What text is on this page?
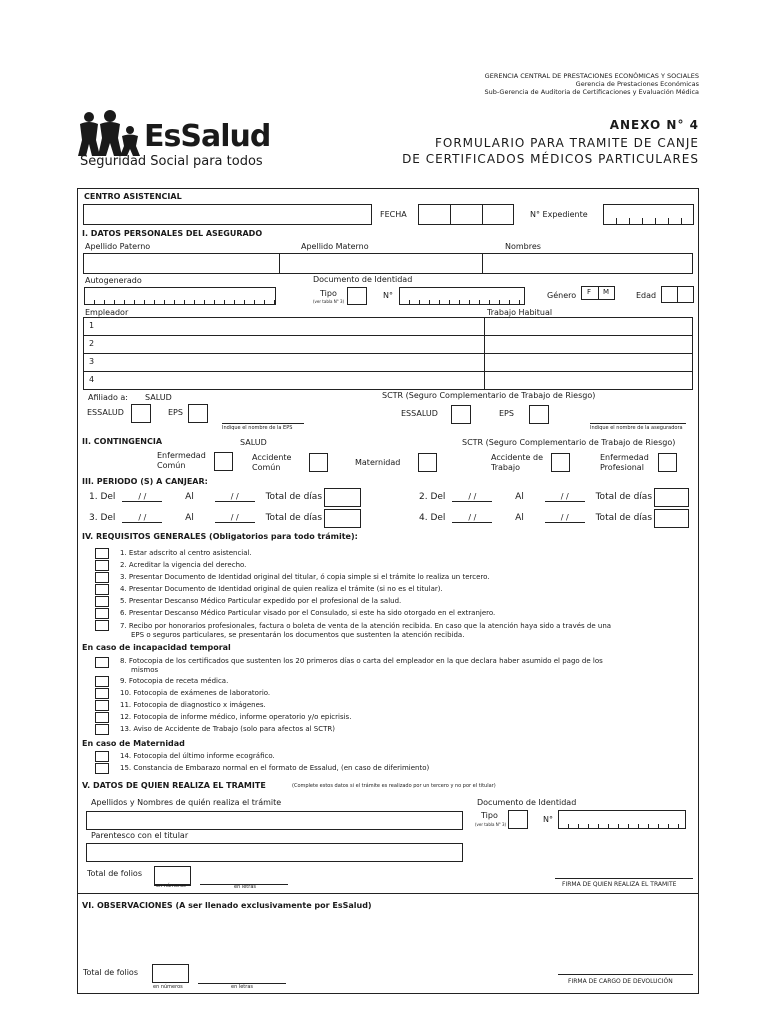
GERENCIA CENTRAL DE PRESTACIONES ECONÓMICAS Y SOCIALES
Gerencia de Prestaciones Económicas
Sub-Gerencia de Auditoria de Certificaciones y Evaluación Médica
EsSalud
Seguridad Social para todos
ANEXO N° 4
FORMULARIO PARA TRAMITE DE CANJE
DE CERTIFICADOS MÉDICOS PARTICULARES
CENTRO ASISTENCIAL
FECHA	N° Expediente
I. DATOS PERSONALES DEL ASEGURADO
Apellido Paterno	Apellido Materno	Nombres
Autogenerado	Documento de Identidad
Tipo
(ver tabla N° 3)
N°	Género F M	Edad
Empleador	Trabajo Habitual
1
2
3
4
Afiliado a: SALUD	SCTR (Seguro Complementario de Trabajo de Riesgo)
ESSALUD	EPS
Indique el nombre de la EPS
ESSALUD	EPS
Indique el nombre de la aseguradora
II. CONTINGENCIA	SALUD	SCTR (Seguro Complementario de Trabajo de Riesgo)
Enfermedad
Común
Accidente
Común
Maternidad
Accidente de
Trabajo
Enfermedad
Profesional
III. PERIODO (S) A CANJEAR:
1. Del	/ /	Al	/ /	Total de días	2. Del	/ /	Al	/ /	Total de días
3. Del	/ /	Al	/ /	Total de días	4. Del	/ /	Al	/ /	Total de días
IV. REQUISITOS GENERALES (Obligatorios para todo trámite):
1. Estar adscrito al centro asistencial.
2. Acreditar la vigencia del derecho.
3. Presentar Documento de Identidad original del titular, ó copia simple si el trámite lo realiza un tercero.
4. Presentar Documento de Identidad original de quien realiza el trámite (si no es el titular).
5. Presentar Descanso Médico Particular expedido por el profesional de la salud.
6. Presentar Descanso Médico Particular visado por el Consulado, si este ha sido otorgado en el extranjero.
7. Recibo por honorarios profesionales, factura o boleta de venta de la atención recibida. En caso que la atención haya sido a través de una
EPS o seguros particulares, se presentarán los documentos que sustenten la atención recibida.
En caso de incapacidad temporal
8. Fotocopia de los certificados que sustenten los 20 primeros días o carta del empleador en la que declara haber asumido el pago de los
mismos
9. Fotocopia de receta médica.
10. Fotocopia de exámenes de laboratorio.
11. Fotocopia de diagnostico x imágenes.
12. Fotocopia de informe médico, informe operatorio y/o epicrisis.
13. Aviso de Accidente de Trabajo (solo para afectos al SCTR)
En caso de Maternidad
14. Fotocopia del último informe ecográfico.
15. Constancia de Embarazo normal en el formato de Essalud, (en caso de diferimiento)
V. DATOS DE QUIEN REALIZA EL TRAMITE	(Complete estos datos si el trámite es realizado por un tercero y no por el titular)
Apellidos y Nombres de quién realiza el trámite	Documento de Identidad
Tipo
(ver tabla N° 3)
N°
Parentesco con el titular
Total de folios
en números	en letras	FIRMA DE QUIEN REALIZA EL TRAMITE
VI. OBSERVACIONES (A ser llenado exclusivamente por EsSalud)
Total de folios
en números	en letras
FIRMA DE CARGO DE DEVOLUCIÓN
